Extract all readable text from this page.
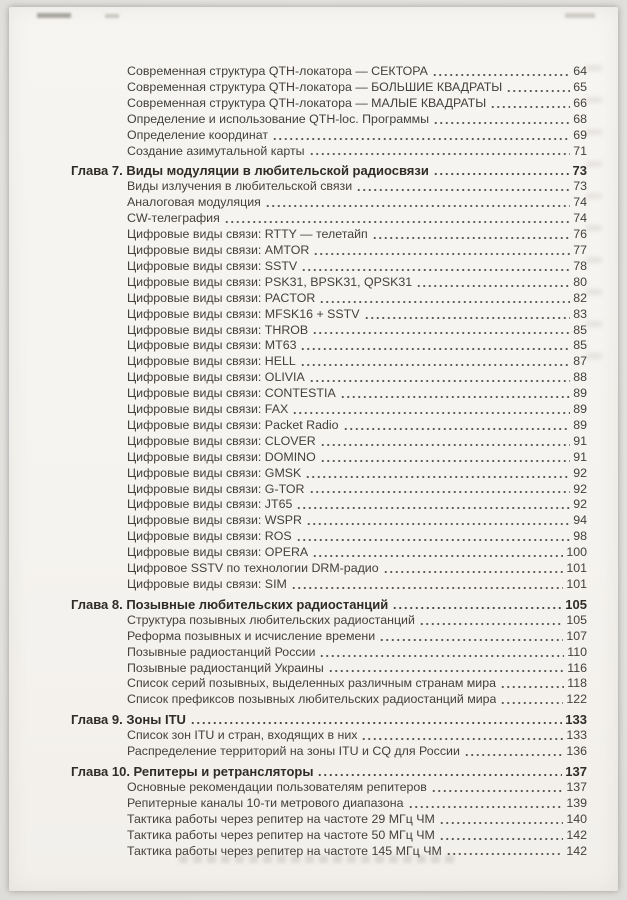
Современная структура QTH-локатора — СЕКТОРА	64
Современная структура QTH-локатора — БОЛЬШИЕ КВАДРАТЫ	65
Современная структура QTH-локатора — МАЛЫЕ КВАДРАТЫ	66
Определение и использование QTH-loc. Программы	68
Определение координат	69
Создание азимутальной карты	71
Глава 7. Виды модуляции в любительской радиосвязи	73
Виды излучения в любительской связи	73
Аналоговая модуляция	74
CW-телеграфия	74
Цифровые виды связи: RTTY — телетайп	76
Цифровые виды связи: AMTOR	77
Цифровые виды связи: SSTV	78
Цифровые виды связи: PSK31, BPSK31, QPSK31	80
Цифровые виды связи: PACTOR	82
Цифровые виды связи: MFSK16 + SSTV	83
Цифровые виды связи: THROB	85
Цифровые виды связи: MT63	85
Цифровые виды связи: HELL	87
Цифровые виды связи: OLIVIA	88
Цифровые виды связи: CONTESTIA	89
Цифровые виды связи: FAX	89
Цифровые виды связи: Packet Radio	89
Цифровые виды связи: CLOVER	91
Цифровые виды связи: DOMINO	91
Цифровые виды связи: GMSK	92
Цифровые виды связи: G-TOR	92
Цифровые виды связи: JT65	92
Цифровые виды связи: WSPR	94
Цифровые виды связи: ROS	98
Цифровые виды связи: OPERA	100
Цифровое SSTV по технологии DRM-радио	101
Цифровые виды связи: SIM	101
Глава 8. Позывные любительских радиостанций	105
Структура позывных любительских радиостанций	105
Реформа позывных и исчисление времени	107
Позывные радиостанций России	110
Позывные радиостанций Украины	116
Список серий позывных, выделенных различным странам мира	118
Список префиксов позывных любительских радиостанций мира	122
Глава 9. Зоны ITU	133
Список зон ITU и стран, входящих в них	133
Распределение территорий на зоны ITU и CQ для России	136
Глава 10. Репитеры и ретрансляторы	137
Основные рекомендации пользователям репитеров	137
Репитерные каналы 10-ти метрового диапазона	139
Тактика работы через репитер на частоте 29 МГц ЧМ	140
Тактика работы через репитер на частоте 50 МГц ЧМ	142
Тактика работы через репитер на частоте 145 МГц ЧМ	142
